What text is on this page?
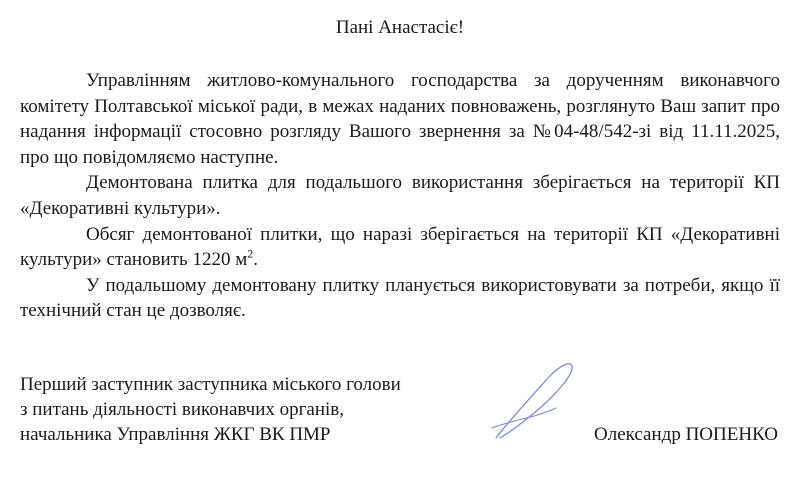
Пані Анастасіє!

Управлінням житлово-комунального господарства за дорученням виконавчого комітету Полтавської міської ради, в межах наданих повноважень, розглянуто Ваш запит про надання інформації стосовно розгляду Вашого звернення за №04-48/542-зі від 11.11.2025, про що повідомляємо наступне.

Демонтована плитка для подальшого використання зберігається на території КП «Декоративні культури».

Обсяг демонтованої плитки, що наразі зберігається на території КП «Декоративні культури» становить 1220 $м^2$.

У подальшому демонтовану плитку планується використовувати за потреби, якщо її технічний стан це дозволяє.

Перший заступник заступника міського голови
з питань діяльності виконавчих органів,
начальника Управління ЖКГ ВК ПМР	Олександр ПОПЕНКО
